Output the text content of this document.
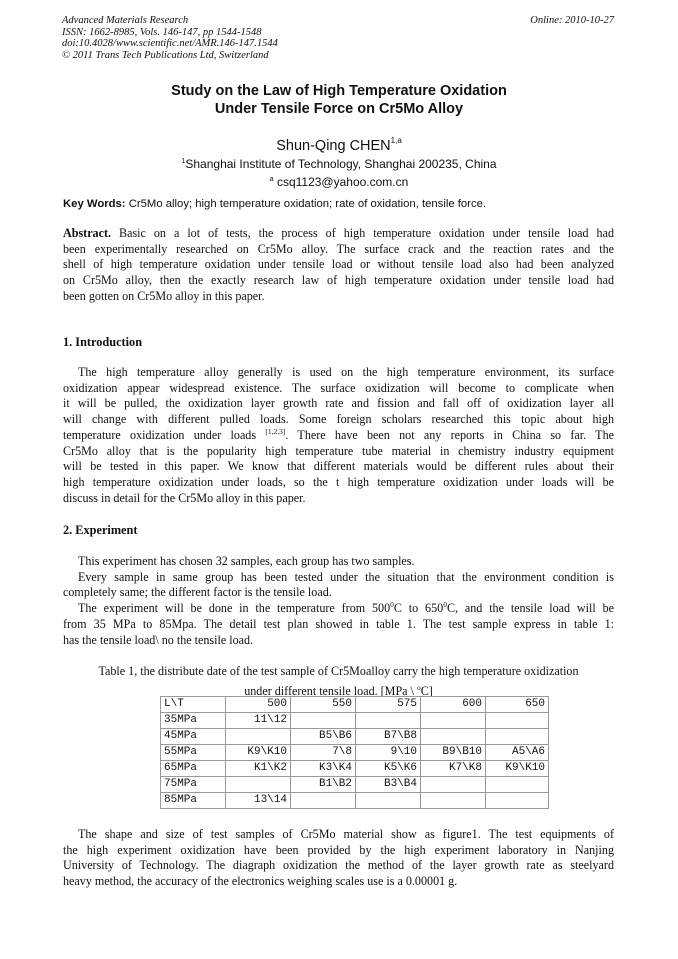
Advanced Materials Research
ISSN: 1662-8985, Vols. 146-147, pp 1544-1548
doi:10.4028/www.scientific.net/AMR.146-147.1544
© 2011 Trans Tech Publications Ltd, Switzerland
Online: 2010-10-27
Study on the Law of High Temperature Oxidation
Under Tensile Force on Cr5Mo Alloy
Shun-Qing CHEN$^{1,a}$
$^1$Shanghai Institute of Technology, Shanghai 200235, China
$^a$ csq1123@yahoo.com.cn
Key Words: Cr5Mo alloy; high temperature oxidation; rate of oxidation, tensile force.
Abstract. Basic on a lot of tests, the process of high temperature oxidation under tensile load had
been experimentally researched on Cr5Mo alloy. The surface crack and the reaction rates and the
shell of high temperature oxidation under tensile load or without tensile load also had been analyzed
on Cr5Mo alloy, then the exactly research law of high temperature oxidation under tensile load had
been gotten on Cr5Mo alloy in this paper.
1. Introduction
The high temperature alloy generally is used on the high temperature environment, its surface
oxidization appear widespread existence. The surface oxidization will become to complicate when
it will be pulled, the oxidization layer growth rate and fission and fall off of oxidization layer all
will change with different pulled loads. Some foreign scholars researched this topic about high
temperature oxidization under loads [1,2,3]. There have been not any reports in China so far. The
Cr5Mo alloy that is the popularity high temperature tube material in chemistry industry equipment
will be tested in this paper. We know that different materials would be different rules about their
high temperature oxidization under loads, so the t high temperature oxidization under loads will be
discuss in detail for the Cr5Mo alloy in this paper.
2. Experiment
This experiment has chosen 32 samples, each group has two samples.
Every sample in same group has been tested under the situation that the environment condition is
completely same; the different factor is the tensile load.
The experiment will be done in the temperature from $500^0C$ to $650^0C$, and the tensile load will be
from 35 MPa to 85Mpa. The detail test plan showed in table 1. The test sample express in table 1:
has the tensile load\ no the tensile load.
Table 1, the distribute date of the test sample of Cr5Moalloy carry the high temperature oxidization
under different tensile load. [MPa \ $^o$C]
L\T	500	550	575	600	650
35MPa	11\12				
45MPa		B5\B6	B7\B8		
55MPa	K9\K10	7\8	9\10	B9\B10	A5\A6
65MPa	K1\K2	K3\K4	K5\K6	K7\K8	K9\K10
75MPa		B1\B2	B3\B4		
85MPa	13\14				
The shape and size of test samples of Cr5Mo material show as figure1. The test equipments of
the high experiment oxidization have been provided by the high experiment laboratory in Nanjing
University of Technology. The diagraph oxidization the method of the layer growth rate as steelyard
heavy method, the accuracy of the electronics weighing scales use is a 0.00001 g.
